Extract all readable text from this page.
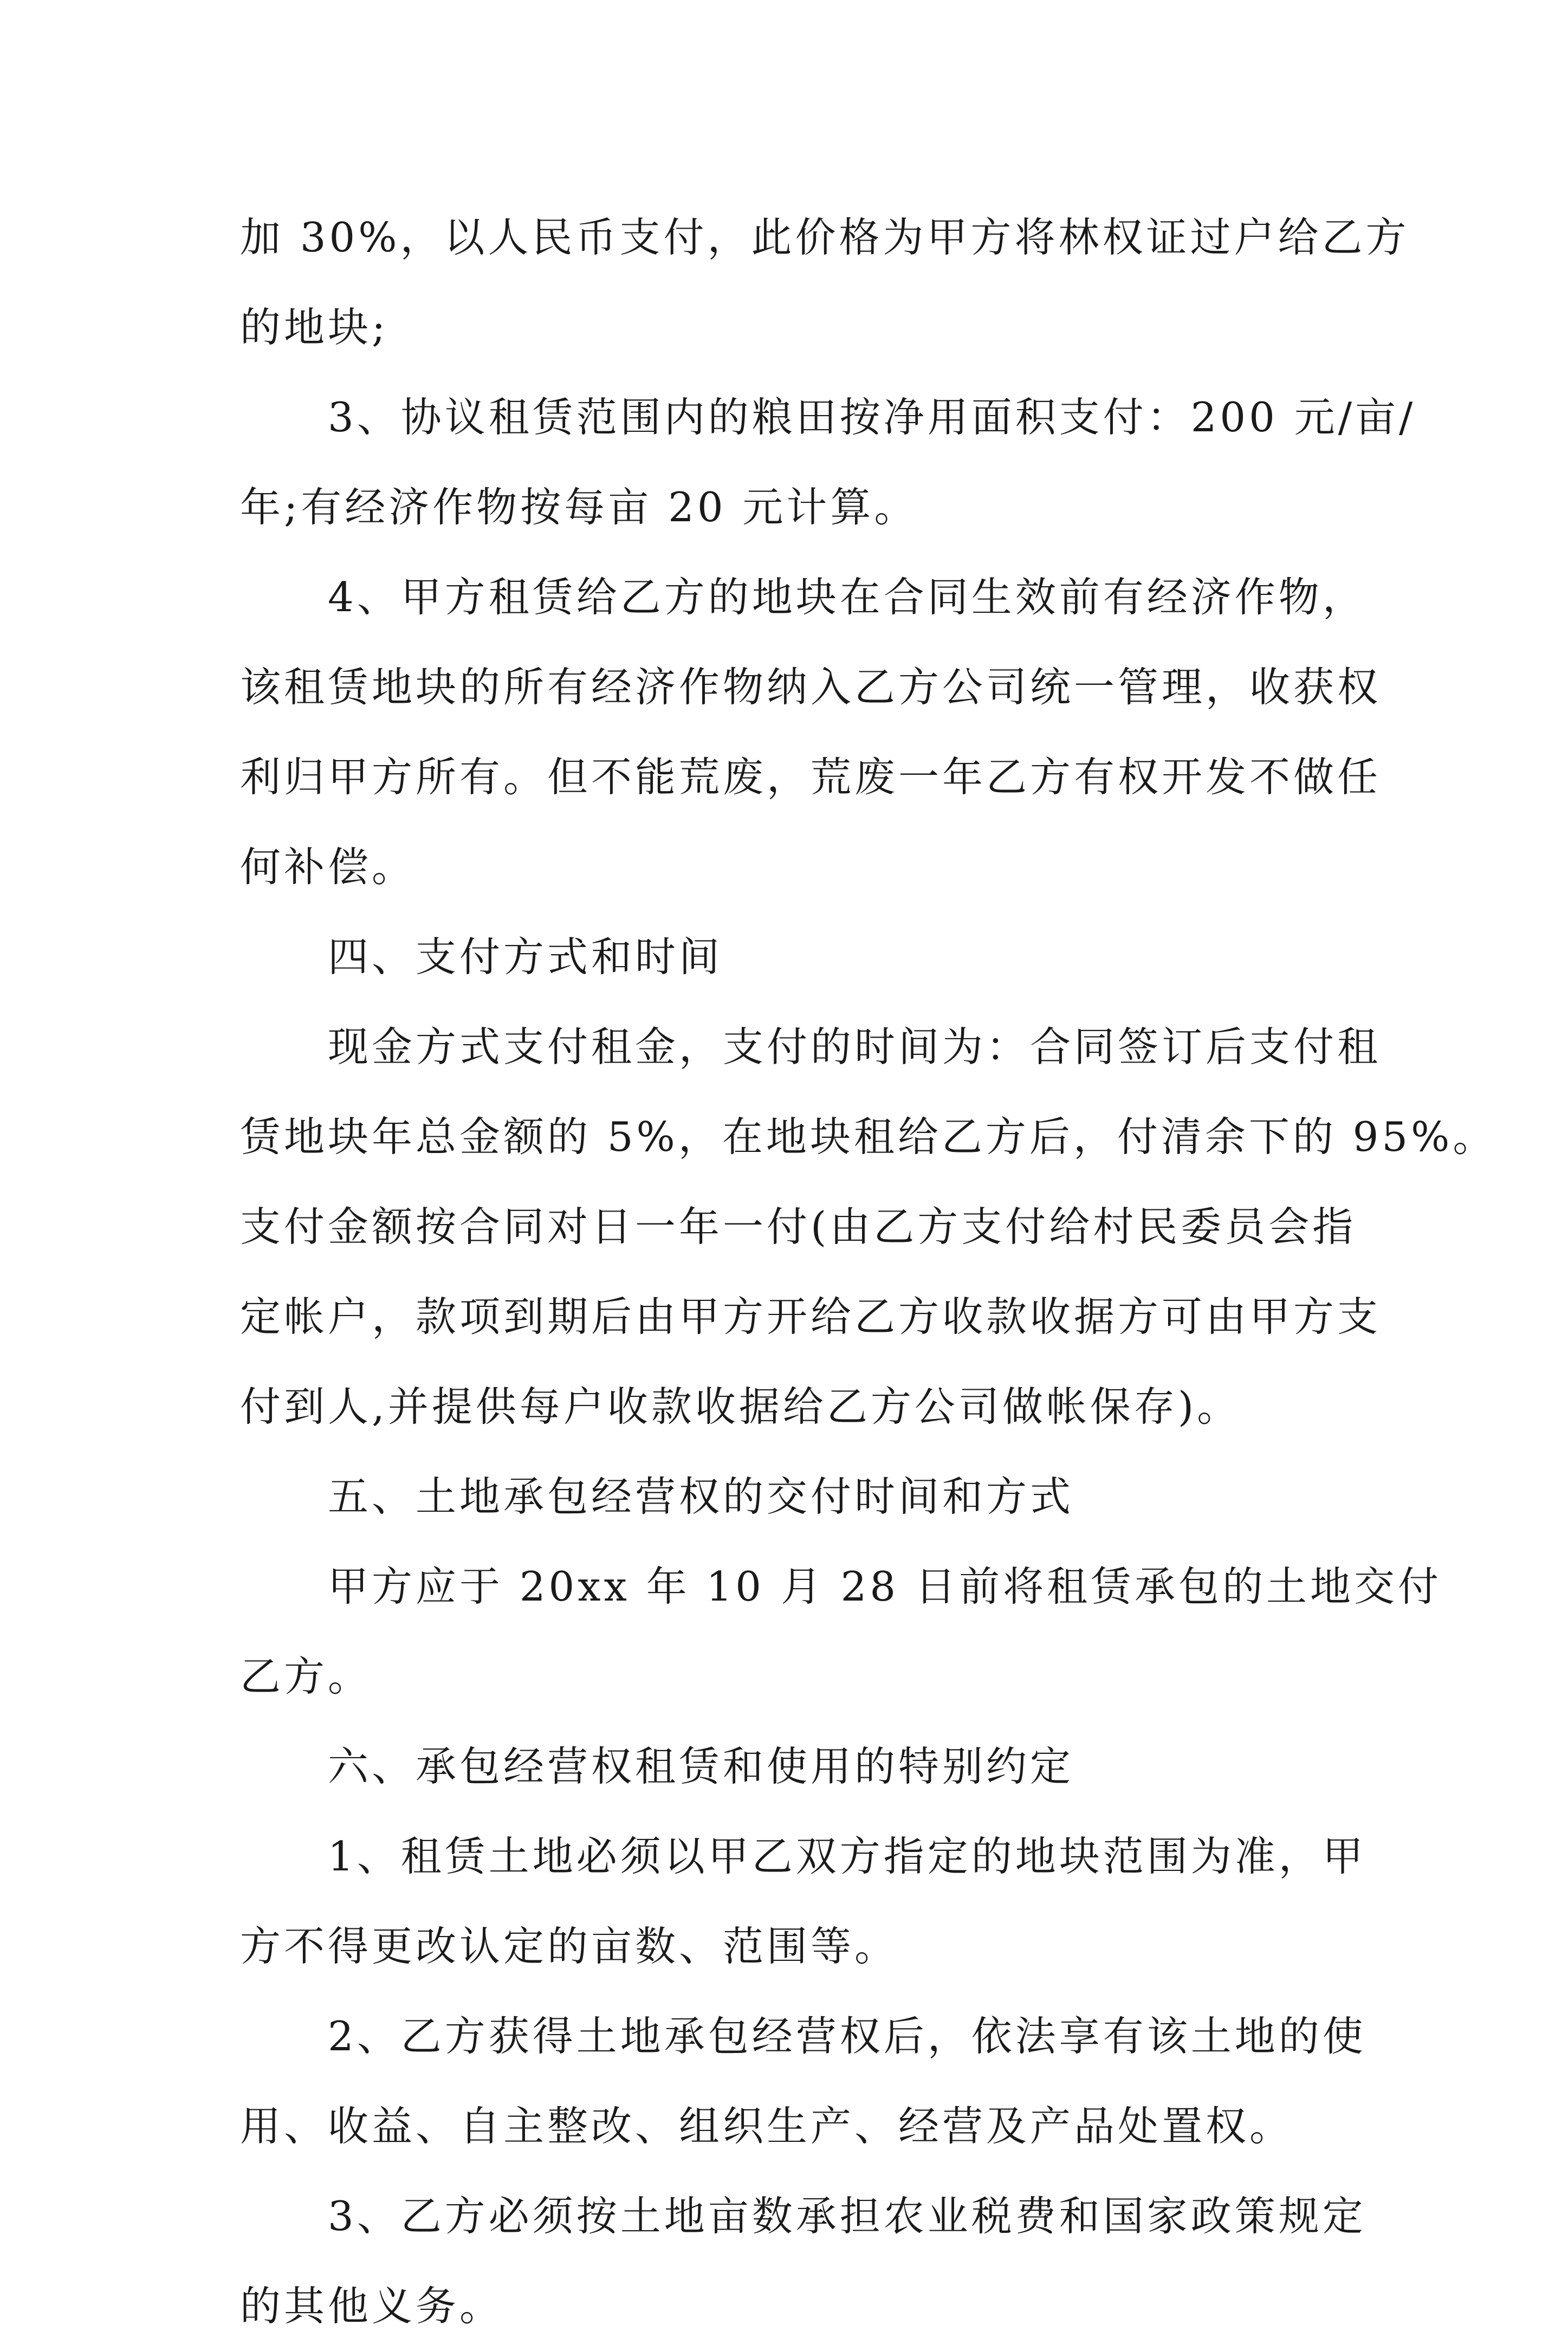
加 30%，以人民币支付，此价格为甲方将林权证过户给乙方
的地块;
　　3、协议租赁范围内的粮田按净用面积支付：200 元/亩/
年;有经济作物按每亩 20 元计算。
　　4、甲方租赁给乙方的地块在合同生效前有经济作物，
该租赁地块的所有经济作物纳入乙方公司统一管理，收获权
利归甲方所有。但不能荒废，荒废一年乙方有权开发不做任
何补偿。
　　四、支付方式和时间
　　现金方式支付租金，支付的时间为：合同签订后支付租
赁地块年总金额的 5%，在地块租给乙方后，付清余下的 95%。
支付金额按合同对日一年一付(由乙方支付给村民委员会指
定帐户，款项到期后由甲方开给乙方收款收据方可由甲方支
付到人,并提供每户收款收据给乙方公司做帐保存)。
　　五、土地承包经营权的交付时间和方式
　　甲方应于 20xx 年 10 月 28 日前将租赁承包的土地交付
乙方。
　　六、承包经营权租赁和使用的特别约定
　　1、租赁土地必须以甲乙双方指定的地块范围为准，甲
方不得更改认定的亩数、范围等。
　　2、乙方获得土地承包经营权后，依法享有该土地的使
用、收益、自主整改、组织生产、经营及产品处置权。
　　3、乙方必须按土地亩数承担农业税费和国家政策规定
的其他义务。
